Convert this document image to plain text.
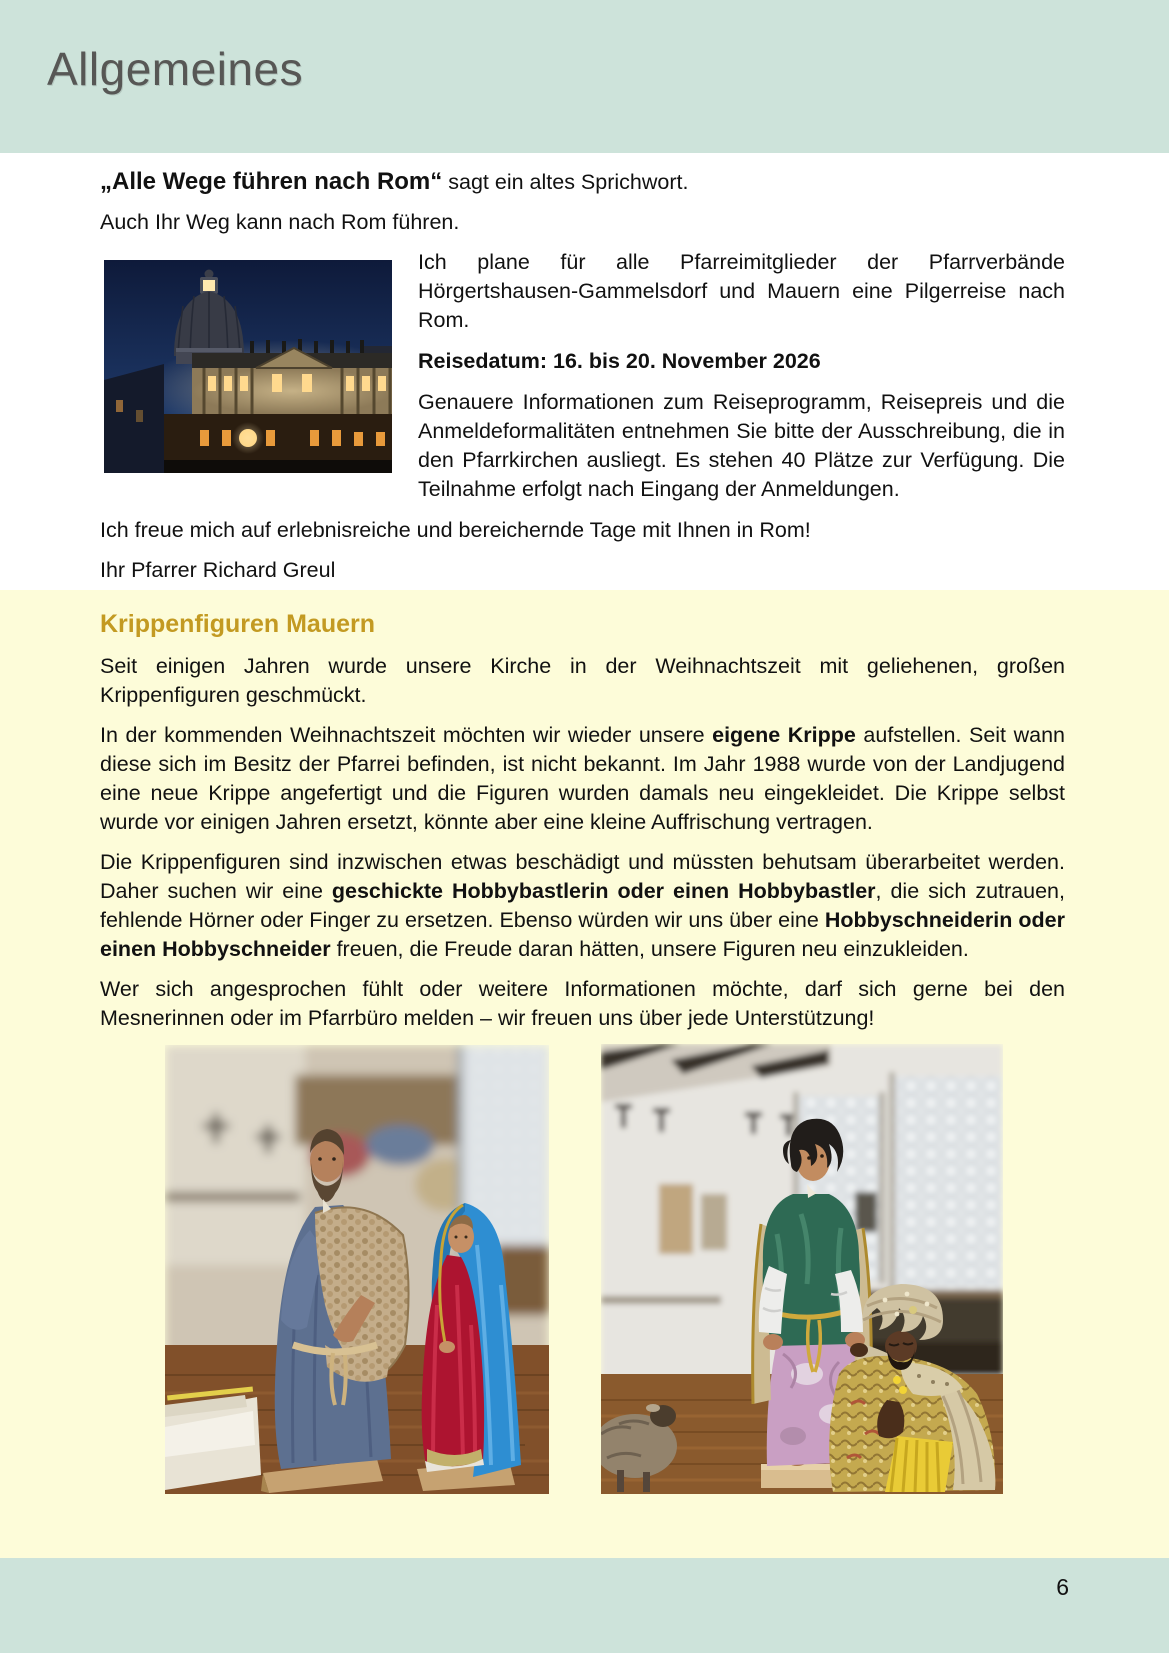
Allgemeines

„Alle Wege führen nach Rom“ sagt ein altes Sprichwort.

Auch Ihr Weg kann nach Rom führen.

Ich plane für alle Pfarreimitglieder der Pfarrverbände Hörgertshausen-Gammelsdorf und Mauern eine Pilgerreise nach Rom.

Reisedatum: 16. bis 20. November 2026

Genauere Informationen zum Reiseprogramm, Reisepreis und die Anmeldeformalitäten entnehmen Sie bitte der Ausschreibung, die in den Pfarrkirchen ausliegt. Es stehen 40 Plätze zur Verfügung. Die Teilnahme erfolgt nach Eingang der Anmeldungen.

Ich freue mich auf erlebnisreiche und bereichernde Tage mit Ihnen in Rom!

Ihr Pfarrer Richard Greul

Krippenfiguren Mauern

Seit einigen Jahren wurde unsere Kirche in der Weihnachtszeit mit geliehenen, großen Krippenfiguren geschmückt.

In der kommenden Weihnachtszeit möchten wir wieder unsere eigene Krippe aufstellen. Seit wann diese sich im Besitz der Pfarrei befinden, ist nicht bekannt. Im Jahr 1988 wurde von der Landjugend eine neue Krippe angefertigt und die Figuren wurden damals neu eingekleidet. Die Krippe selbst wurde vor einigen Jahren ersetzt, könnte aber eine kleine Auffrischung vertragen.

Die Krippenfiguren sind inzwischen etwas beschädigt und müssten behutsam überarbeitet werden. Daher suchen wir eine geschickte Hobbybastlerin oder einen Hobbybastler, die sich zutrauen, fehlende Hörner oder Finger zu ersetzen. Ebenso würden wir uns über eine Hobbyschneiderin oder einen Hobbyschneider freuen, die Freude daran hätten, unsere Figuren neu einzukleiden.

Wer sich angesprochen fühlt oder weitere Informationen möchte, darf sich gerne bei den Mesnerinnen oder im Pfarrbüro melden – wir freuen uns über jede Unterstützung!

6
